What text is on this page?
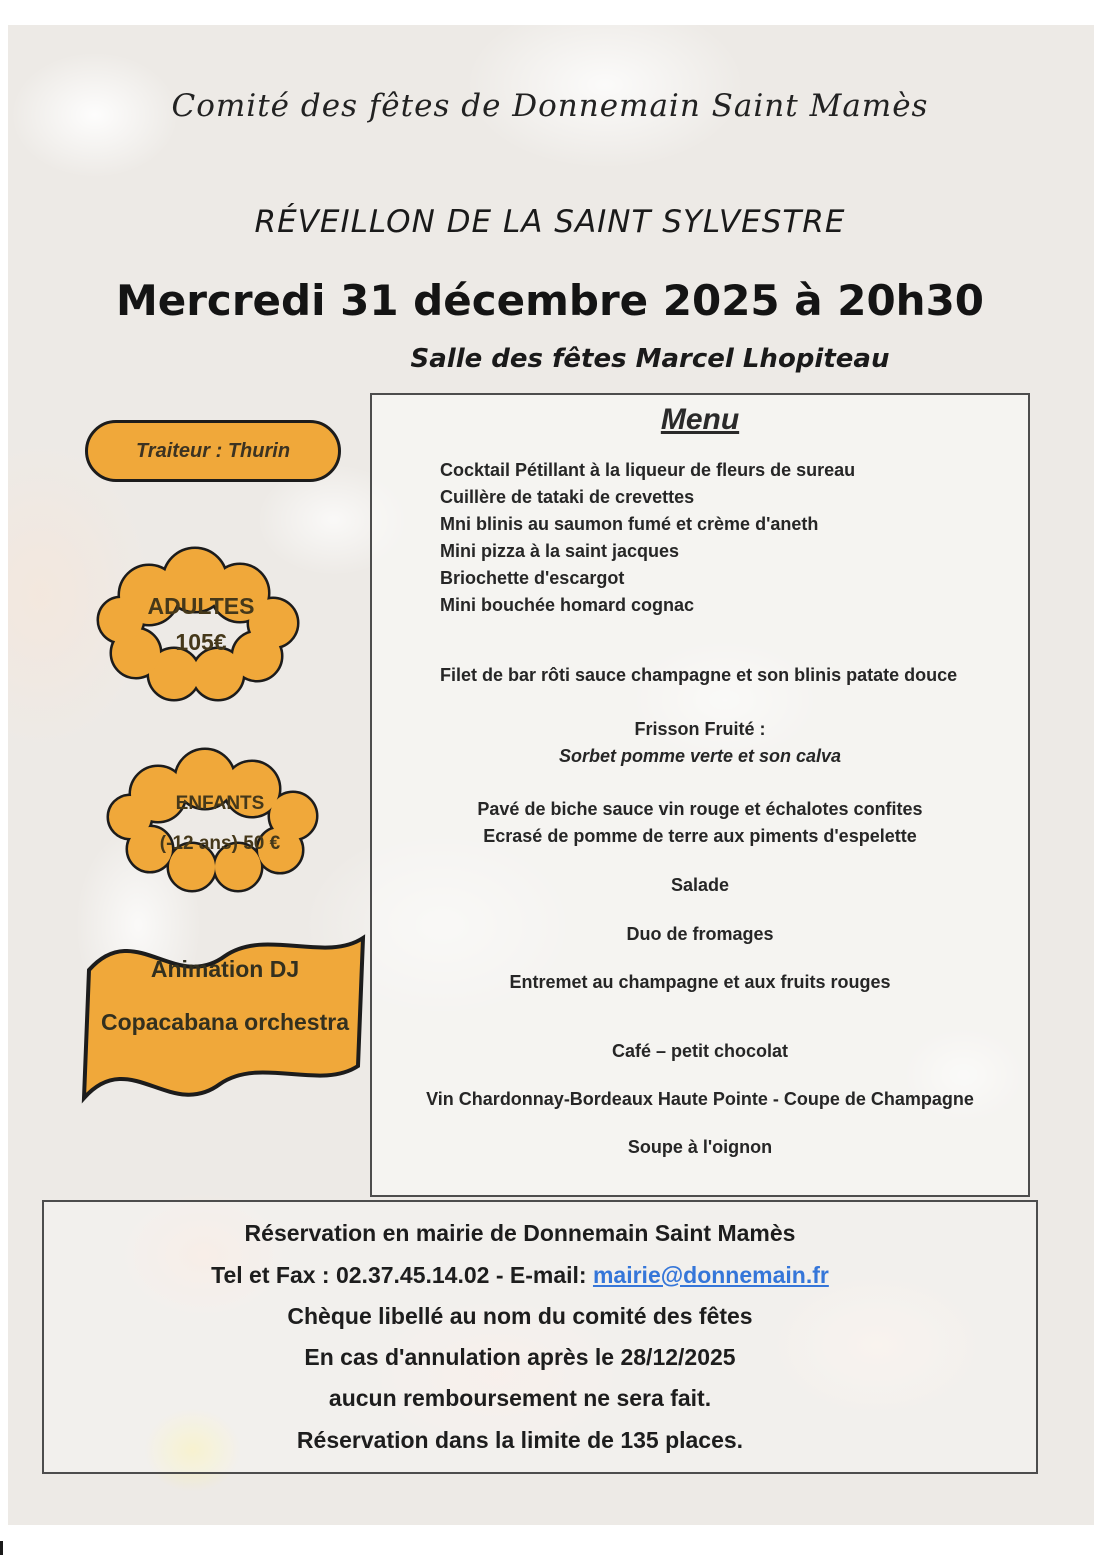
Comité des fêtes de Donnemain Saint Mamès
RÉVEILLON DE LA SAINT SYLVESTRE
Mercredi 31 décembre 2025 à 20h30
Salle des fêtes Marcel Lhopiteau
Traiteur : Thurin
ADULTES
105€
ENFANTS
(-12 ans) 50 €
Animation DJ
Copacabana orchestra
Menu
Cocktail Pétillant à la liqueur de fleurs de sureau
Cuillère de tataki de crevettes
Mni blinis au saumon fumé et crème d'aneth
Mini pizza à la saint jacques
Briochette d'escargot
Mini bouchée homard cognac
Filet de bar rôti sauce champagne et son blinis patate douce
Frisson Fruité :
Sorbet pomme verte et son calva
Pavé de biche sauce vin rouge et échalotes confites
Ecrasé de pomme de terre aux piments d'espelette
Salade
Duo de fromages
Entremet au champagne et aux fruits rouges
Café – petit chocolat
Vin Chardonnay-Bordeaux Haute Pointe - Coupe de Champagne
Soupe à l'oignon
Réservation en mairie de Donnemain Saint Mamès
Tel et Fax : 02.37.45.14.02 - E-mail: mairie@donnemain.fr
Chèque libellé au nom du comité des fêtes
En cas d'annulation après le 28/12/2025
aucun remboursement ne sera fait.
Réservation dans la limite de 135 places.
